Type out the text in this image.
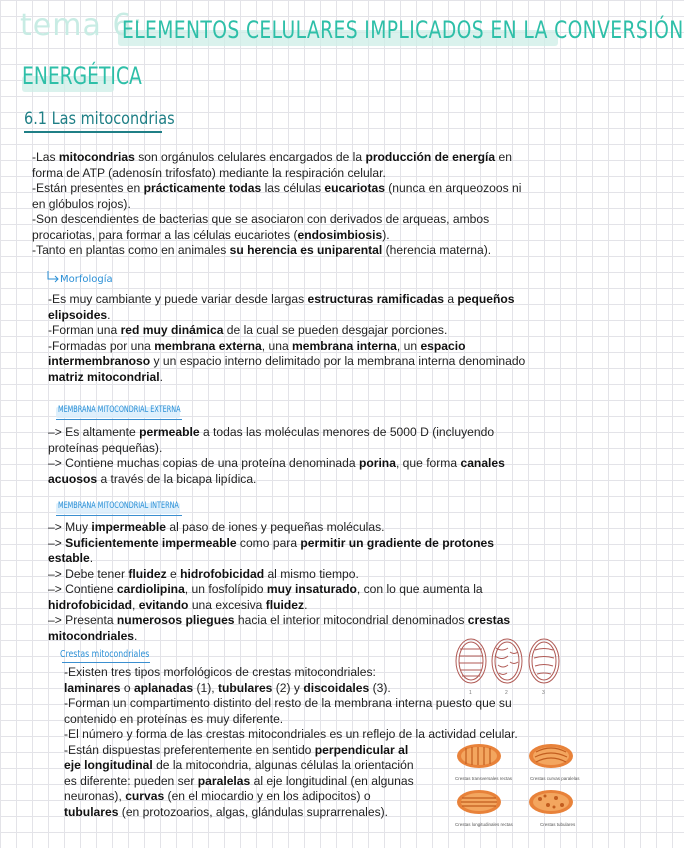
tema 6:
ELEMENTOS CELULARES IMPLICADOS EN LA CONVERSIÓN
ENERGÉTICA
6.1 Las mitocondrias
-Las mitocondrias son orgánulos celulares encargados de la producción de energía en
forma de ATP (adenosín trifosfato) mediante la respiración celular.
-Están presentes en prácticamente todas las células eucariotas (nunca en arqueozoos ni
en glóbulos rojos).
-Son descendientes de bacterias que se asociaron con derivados de arqueas, ambos
procariotas, para formar a las células eucariotes (endosimbiosis).
-Tanto en plantas como en animales su herencia es uniparental (herencia materna).
Morfología
-Es muy cambiante y puede variar desde largas estructuras ramificadas a pequeños
elipsoides.
-Forman una red muy dinámica de la cual se pueden desgajar porciones.
-Formadas por una membrana externa, una membrana interna, un espacio
intermembranoso y un espacio interno delimitado por la membrana interna denominado
matriz mitocondrial.
MEMBRANA MITOCONDRIAL EXTERNA
–> Es altamente permeable a todas las moléculas menores de 5000 D (incluyendo
proteínas pequeñas).
–> Contiene muchas copias de una proteína denominada porina, que forma canales
acuosos a través de la bicapa lipídica.
MEMBRANA MITOCONDRIAL INTERNA
–> Muy impermeable al paso de iones y pequeñas moléculas.
–> Suficientemente impermeable como para permitir un gradiente de protones
estable.
–> Debe tener fluidez e hidrofobicidad al mismo tiempo.
–> Contiene cardiolipina, un fosfolípido muy insaturado, con lo que aumenta la
hidrofobicidad, evitando una excesiva fluidez.
–> Presenta numerosos pliegues hacia el interior mitocondrial denominados crestas
mitocondriales.
Crestas mitocondriales
-Existen tres tipos morfológicos de crestas mitocondriales:
laminares o aplanadas (1), tubulares (2) y discoidales (3).
-Forman un compartimento distinto del resto de la membrana interna puesto que su
contenido en proteínas es muy diferente.
-El número y forma de las crestas mitocondriales es un reflejo de la actividad celular.
-Están dispuestas preferentemente en sentido perpendicular al
eje longitudinal de la mitocondria, algunas células la orientación
es diferente: pueden ser paralelas al eje longitudinal (en algunas
neuronas), curvas (en el miocardio y en los adipocitos) o
tubulares (en protozoarios, algas, glándulas suprarrenales).
1	2	3
Crestas transversales rectas	Crestas curvas paralelas
Crestas longitudinales rectas	Crestas tubulares
